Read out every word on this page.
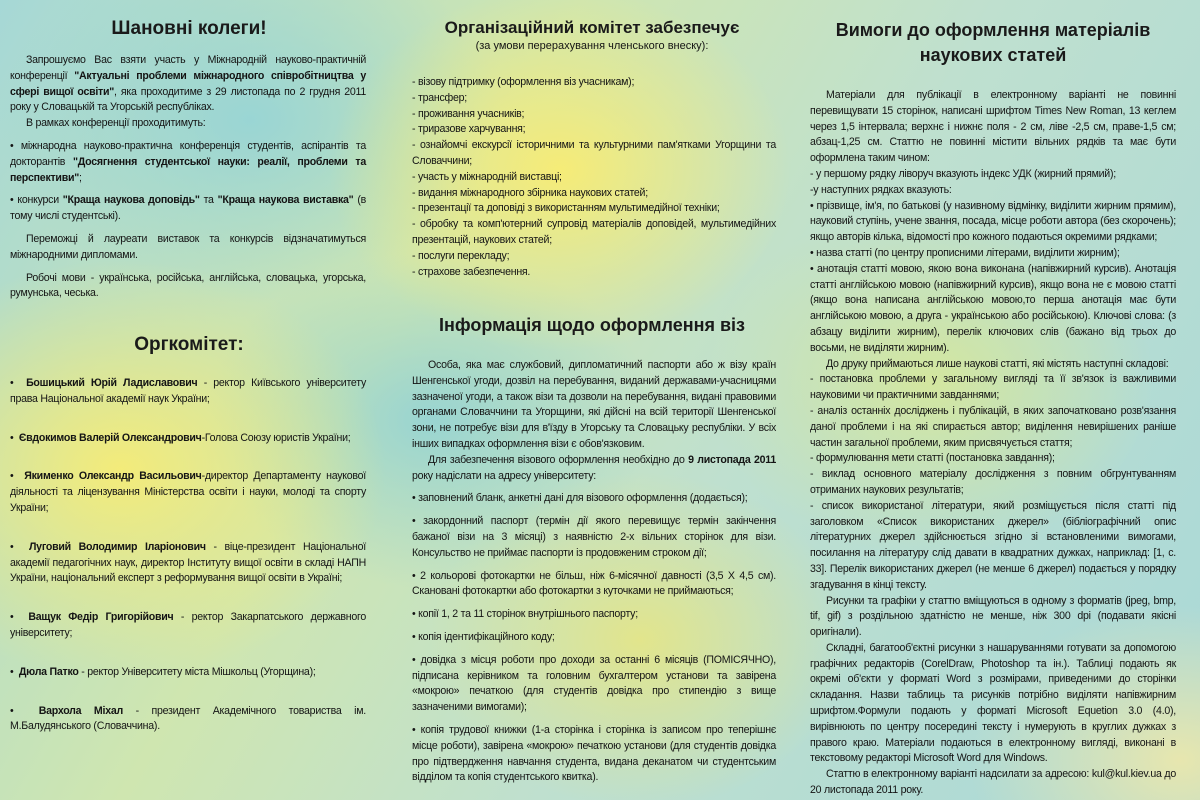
Шановні колеги!

Запрошуємо Вас взяти участь у Міжнародній науково-практичній конференції "Актуальні проблеми міжнародного співробітництва у сфері вищої освіти", яка проходитиме з 29 листопада по 2 грудня 2011 року у Словацькій та Угорській республіках.

В рамках конференції проходитимуть:

• міжнародна науково-практична конференція студентів, аспірантів та докторантів "Досягнення студентської науки: реалії, проблеми та перспективи";

• конкурси "Краща наукова доповідь" та "Краща наукова виставка" (в тому числі студентські).

Переможці й лауреати виставок та конкурсів відзначатимуться міжнародними дипломами.

Робочі мови - українська, російська, англійська, словацька, угорська, румунська, чеська.

Оргкомітет:

•  Бошицький Юрій Ладиславович - ректор Київського університету права Національної академії наук України;

•  Євдокимов Валерій Олександрович-Голова Союзу юристів України;

•  Якименко Олександр Васильович-директор Департаменту наукової діяльності та ліцензування Міністерства освіти і науки, молоді та спорту України;

•  Луговий Володимир Іларіонович - віце-президент Національної академії педагогічних наук, директор Інституту вищої освіти в складі НАПН України, національний експерт з реформування вищої освіти в Україні;

•  Ващук Федір Григорійович - ректор Закарпатського державного університету;

•  Дюла Патко - ректор Університету міста Мішкольц (Угорщина);

•  Вархола Міхал - президент Академічного товариства ім. М.Балудянського (Словаччина).

Організаційний комітет забезпечує
(за умови перерахування членського внеску):

- візову підтримку (оформлення віз учасникам);

- трансфер;

- проживання учасників;

- триразове харчування;

- ознайомчі екскурсії історичними та культурними пам'ятками Угорщини та Словаччини;

- участь у міжнародній виставці;

- видання міжнародного збірника наукових статей;

- презентації та доповіді з використанням мультимедійної техніки;

- обробку та комп'ютерний супровід матеріалів доповідей, мультимедійних презентацій, наукових статей;

- послуги перекладу;

- страхове забезпечення.

Інформація щодо оформлення віз

Особа, яка має службовий, дипломатичний паспорти або ж візу країн Шенгенської угоди, дозвіл на перебування, виданий державами-учасницями зазначеної угоди, а також візи та дозволи на перебування, видані правовими органами Словаччини та Угорщини, які дійсні на всій території Шенгенської зони, не потребує візи для в'їзду в Угорську та Словацьку республіки. У всіх інших випадках оформлення візи є обов'язковим.

Для забезпечення візового оформлення необхідно до 9 листопада 2011 року надіслати на адресу університету:

• заповнений бланк, анкетні дані для візового оформлення (додається);

• закордонний паспорт (термін дії якого перевищує термін закінчення бажаної візи на 3 місяці) з наявністю 2-х вільних сторінок для візи. Консульство не приймає паспорти із продовженим строком дії;

• 2 кольорові фотокартки не більш, ніж 6-місячної давності (3,5 X 4,5 см). Скановані фотокартки або фотокартки з куточками не приймаються;

• копії 1, 2 та 11 сторінок внутрішнього паспорту;

• копія ідентифікаційного коду;

• довідка з місця роботи про доходи за останні 6 місяців (ПОМІСЯЧНО), підписана керівником та головним бухгалтером установи та завірена «мокрою» печаткою (для студентів довідка про стипендію з вище зазначеними вимогами);

• копія трудової книжки (1-а сторінка і сторінка із записом про теперішнє місце роботи), завірена «мокрою» печаткою установи (для студентів довідка про підтвердження навчання студента, видана деканатом чи студентським відділом та копія студентського квитка).

Вимоги до оформлення матеріалів наукових статей

Матеріали для публікації в електронному варіанті не повинні перевищувати 15 сторінок, написані шрифтом Times New Roman, 13 кеглем через 1,5 інтервала; верхнє і нижнє поля - 2 см, ліве -2,5 см, праве-1,5 см; абзац-1,25 см. Статтю не повинні містити вільних рядків та має бути оформлена таким чином:

- у першому рядку ліворуч вказують індекс УДК (жирний прямий);

-у наступних рядках вказують:

• прізвище, ім'я, по батькові (у називному відмінку, виділити жирним прямим), науковий ступінь, учене звання, посада, місце роботи автора (без скорочень); якщо авторів кілька, відомості про кожного подаються окремими рядками;

• назва статті (по центру прописними літерами, виділити жирним);

• анотація статті мовою, якою вона виконана (напівжирний курсив). Анотація статті англійською мовою (напівжирний курсив), якщо вона не є мовою статті (якщо вона написана англійською мовою,то перша анотація має бути англійською мовою, а друга - українською або російською). Ключові слова: (з абзацу виділити жирним), перелік ключових слів (бажано від трьох до восьми, не виділяти жирним).

До друку приймаються лише наукові статті, які містять наступні складові:

- постановка проблеми у загальному вигляді та її зв'язок із важливими науковими чи практичними завданнями;

- аналіз останніх досліджень і публікацій, в яких започатковано розв'язання даної проблеми і на які спирається автор; виділення невирішених раніше частин загальної проблеми, яким присвячується стаття;

- формулювання мети статті (постановка завдання);

- виклад основного матеріалу дослідження з повним обгрунтуванням отриманих наукових результатів;

- список використаної літератури, який розміщується після статті під заголовком «Список використаних джерел» (бібліографічний опис літературних джерел здійснюється згідно зі встановленими вимогами, посилання на літературу слід давати в квадратних дужках, наприклад: [1, с. 33]. Перелік використаних джерел (не менше 6 джерел) подається у порядку згадування в кінці тексту.

Рисунки та графіки у статтю вміщуються в одному з форматів (jpeg, bmp, tif, gif) з роздільною здатністю не менше, ніж 300 dpi (подавати якісні оригінали).

Складні, багатооб'єктні рисунки з нашаруваннями готувати за допомогою графічних редакторів (CorelDraw, Photoshop та ін.). Таблиці подають як окремі об'єкти у форматі Word з розмірами, приведеними до сторінки складання. Назви таблиць та рисунків потрібно виділяти напівжирним шрифтом.Формули подають у форматі Microsoft Equetion 3.0 (4.0), вирівнюють по центру посередині тексту і нумерують в круглих дужках з правого краю. Матеріали подаються в електронному вигляді, виконані в текстовому редакторі Microsoft Word для Windows.

Статтю в електронному варіанті надсилати за адресою: kul@kul.kiev.ua до 20 листопада 2011 року.
